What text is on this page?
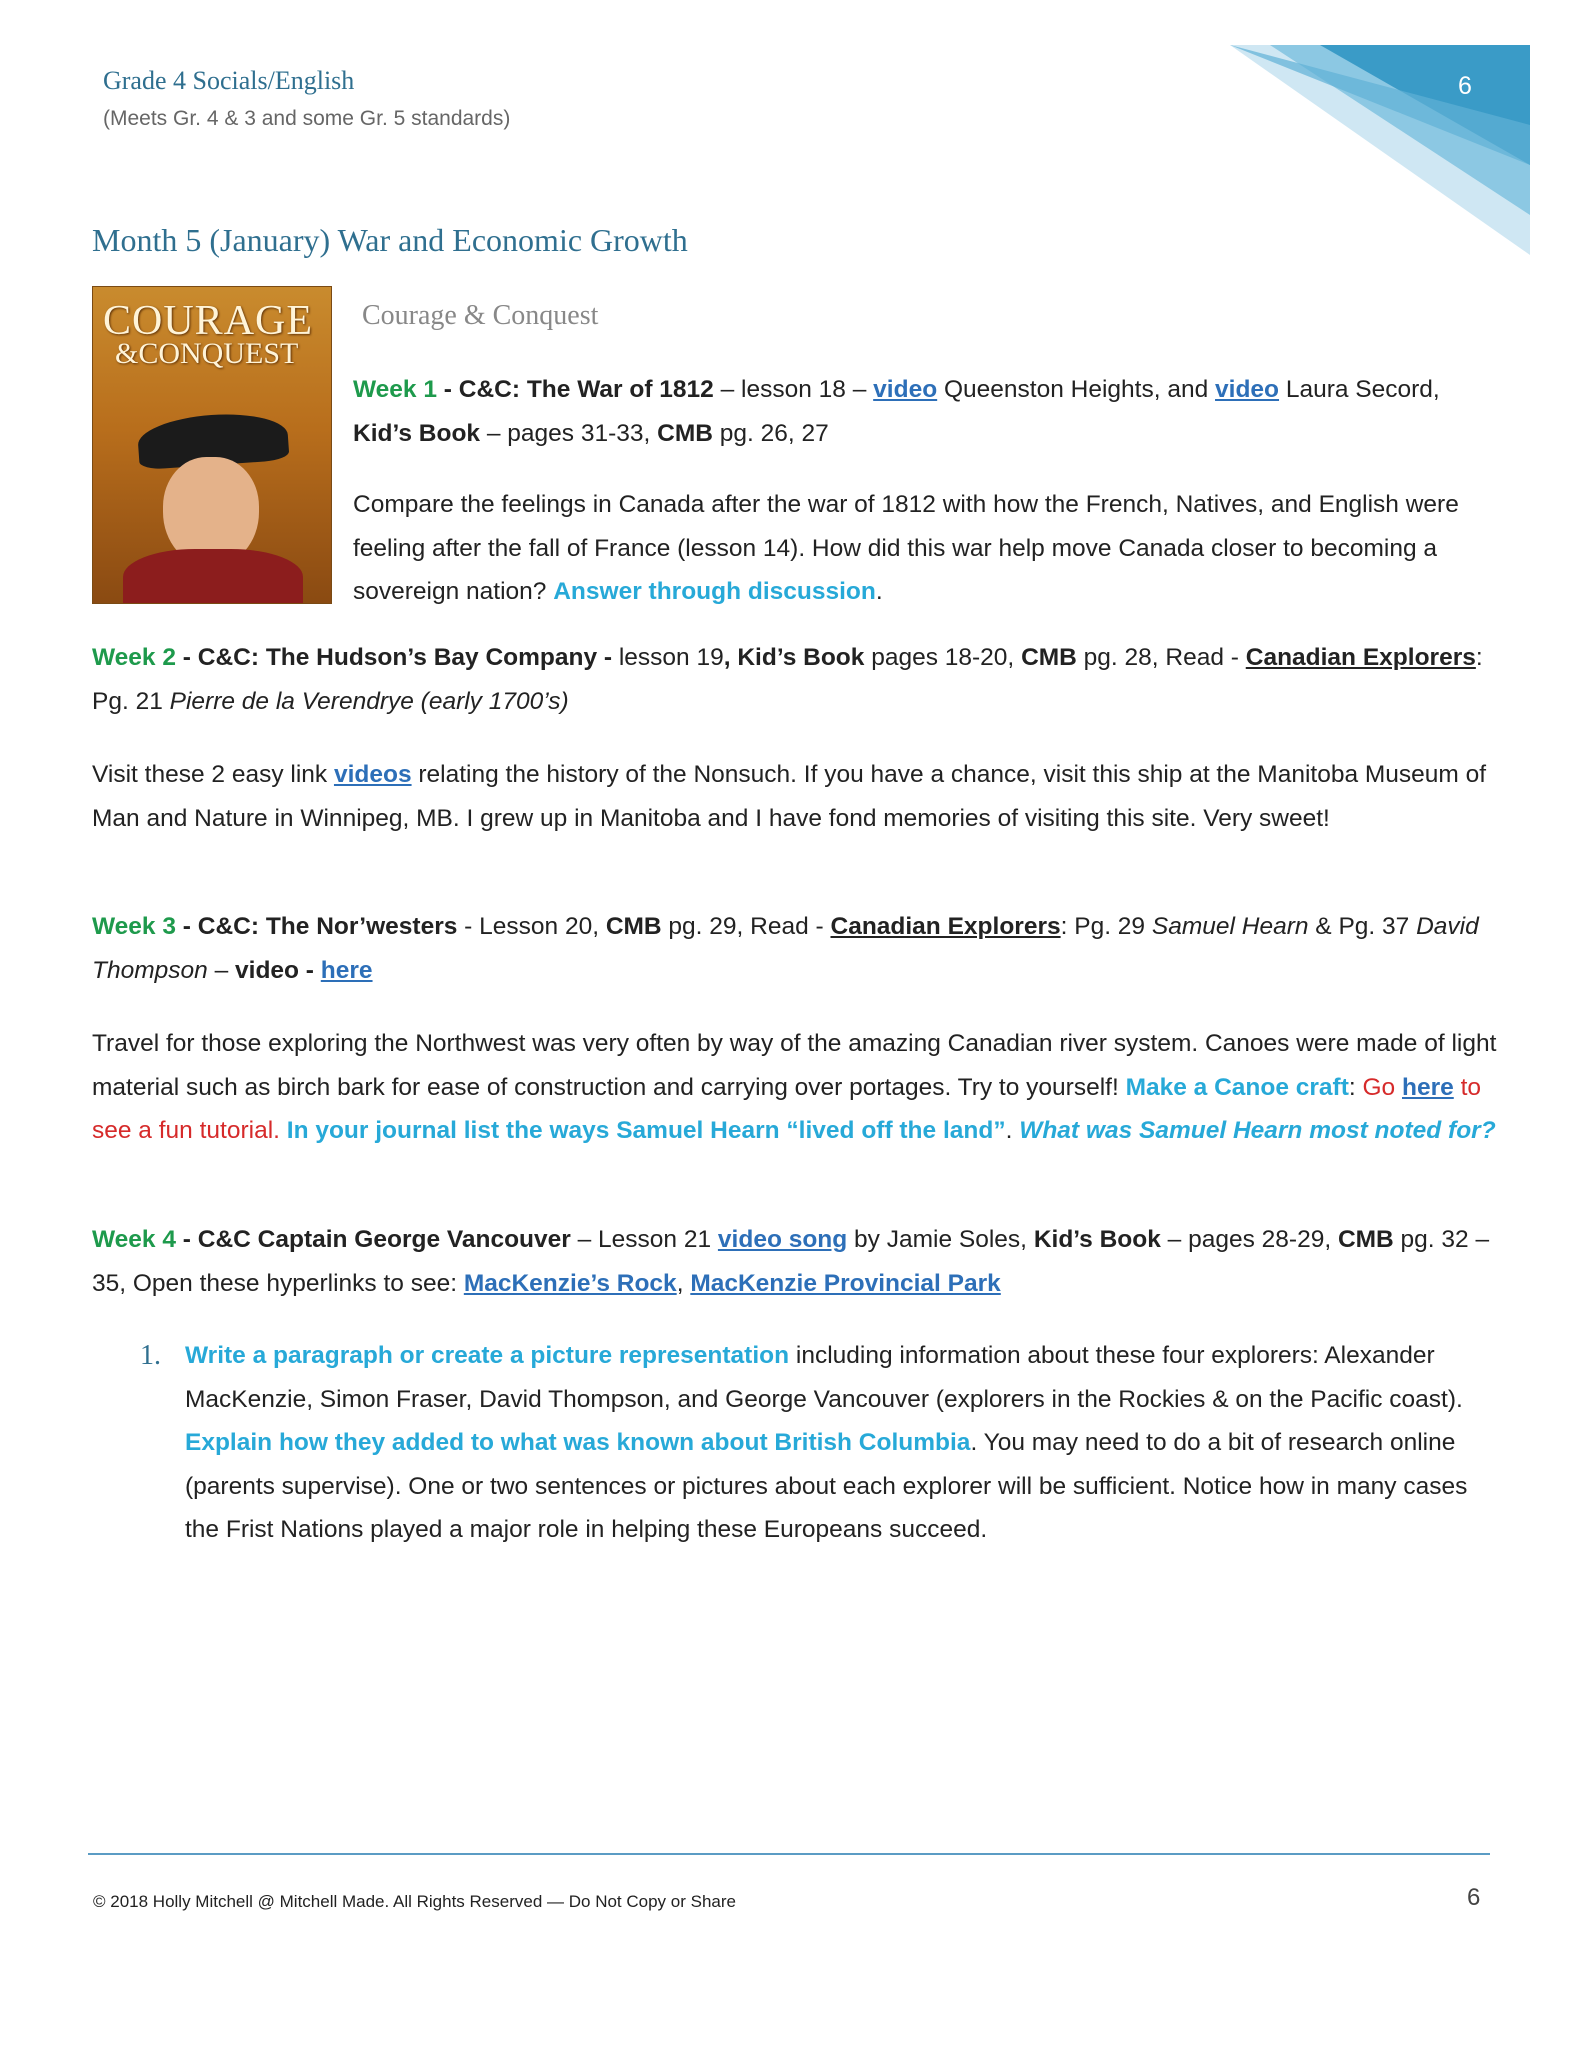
Grade 4 Socials/English
(Meets Gr. 4 & 3 and some Gr. 5 standards)
6
Month 5 (January) War and Economic Growth
COURAGE
&CONQUEST
Courage & Conquest

Week 1 - C&C: The War of 1812 – lesson 18 – video Queenston Heights, and video Laura Secord, Kid’s Book – pages 31-33, CMB pg. 26, 27

Compare the feelings in Canada after the war of 1812 with how the French, Natives, and English were feeling after the fall of France (lesson 14). How did this war help move Canada closer to becoming a sovereign nation? Answer through discussion.

Week 2 - C&C: The Hudson’s Bay Company - lesson 19, Kid’s Book pages 18-20, CMB pg. 28, Read - Canadian Explorers: Pg. 21 Pierre de la Verendrye (early 1700’s)

Visit these 2 easy link videos relating the history of the Nonsuch. If you have a chance, visit this ship at the Manitoba Museum of Man and Nature in Winnipeg, MB. I grew up in Manitoba and I have fond memories of visiting this site. Very sweet!

Week 3 - C&C: The Nor’westers - Lesson 20, CMB pg. 29, Read - Canadian Explorers: Pg. 29 Samuel Hearn & Pg. 37 David Thompson – video - here

Travel for those exploring the Northwest was very often by way of the amazing Canadian river system. Canoes were made of light material such as birch bark for ease of construction and carrying over portages. Try to yourself! Make a Canoe craft: Go here to see a fun tutorial. In your journal list the ways Samuel Hearn “lived off the land”. What was Samuel Hearn most noted for?

Week 4 - C&C Captain George Vancouver – Lesson 21 video song by Jamie Soles, Kid’s Book – pages 28-29, CMB pg. 32 – 35, Open these hyperlinks to see: MacKenzie’s Rock, MacKenzie Provincial Park

1. Write a paragraph or create a picture representation including information about these four explorers: Alexander MacKenzie, Simon Fraser, David Thompson, and George Vancouver (explorers in the Rockies & on the Pacific coast). Explain how they added to what was known about British Columbia. You may need to do a bit of research online (parents supervise). One or two sentences or pictures about each explorer will be sufficient. Notice how in many cases the Frist Nations played a major role in helping these Europeans succeed.

© 2018 Holly Mitchell @ Mitchell Made. All Rights Reserved — Do Not Copy or Share	6
